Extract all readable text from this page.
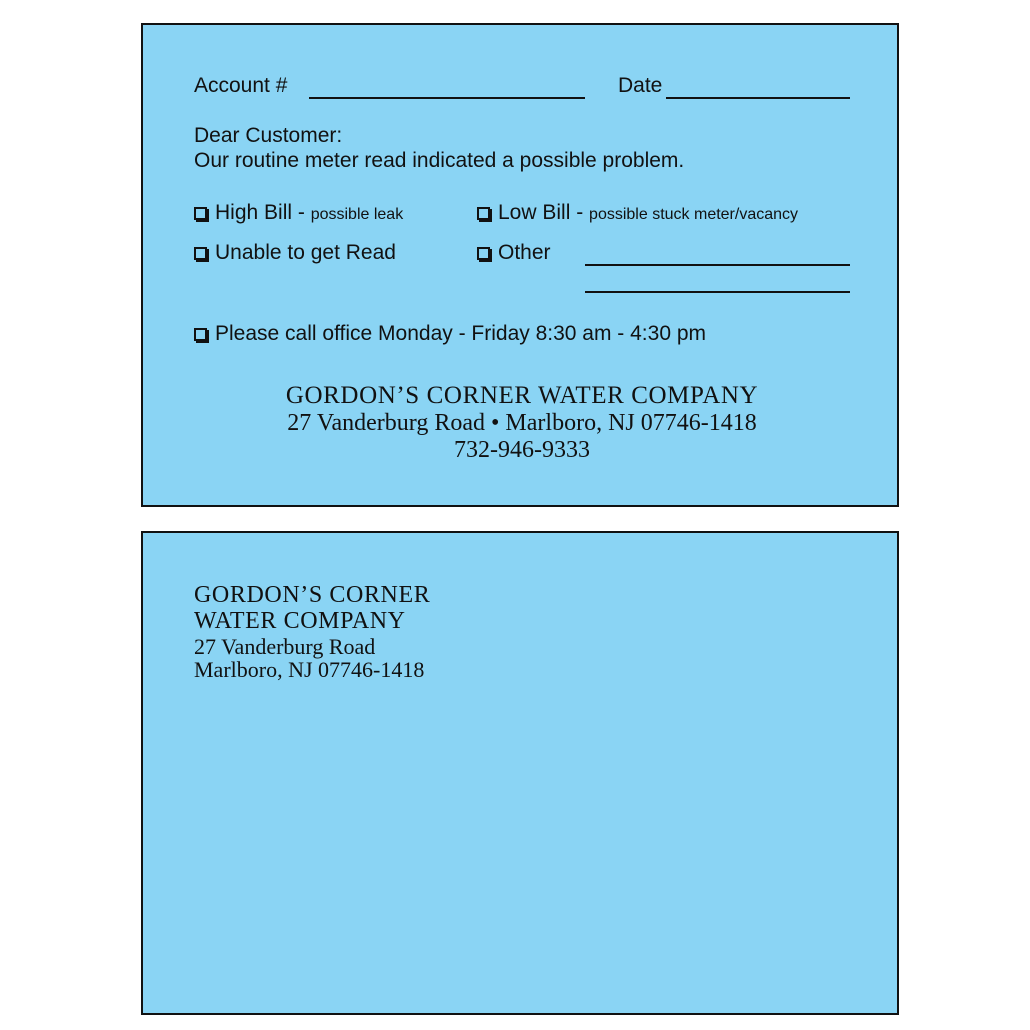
Account #	Date
Dear Customer:
Our routine meter read indicated a possible problem.
High Bill - possible leak	Low Bill - possible stuck meter/vacancy
Unable to get Read	Other
Please call office Monday - Friday 8:30 am - 4:30 pm
GORDON’S CORNER WATER COMPANY
27 Vanderburg Road • Marlboro, NJ 07746-1418
732-946-9333
GORDON’S CORNER
WATER COMPANY
27 Vanderburg Road
Marlboro, NJ 07746-1418
